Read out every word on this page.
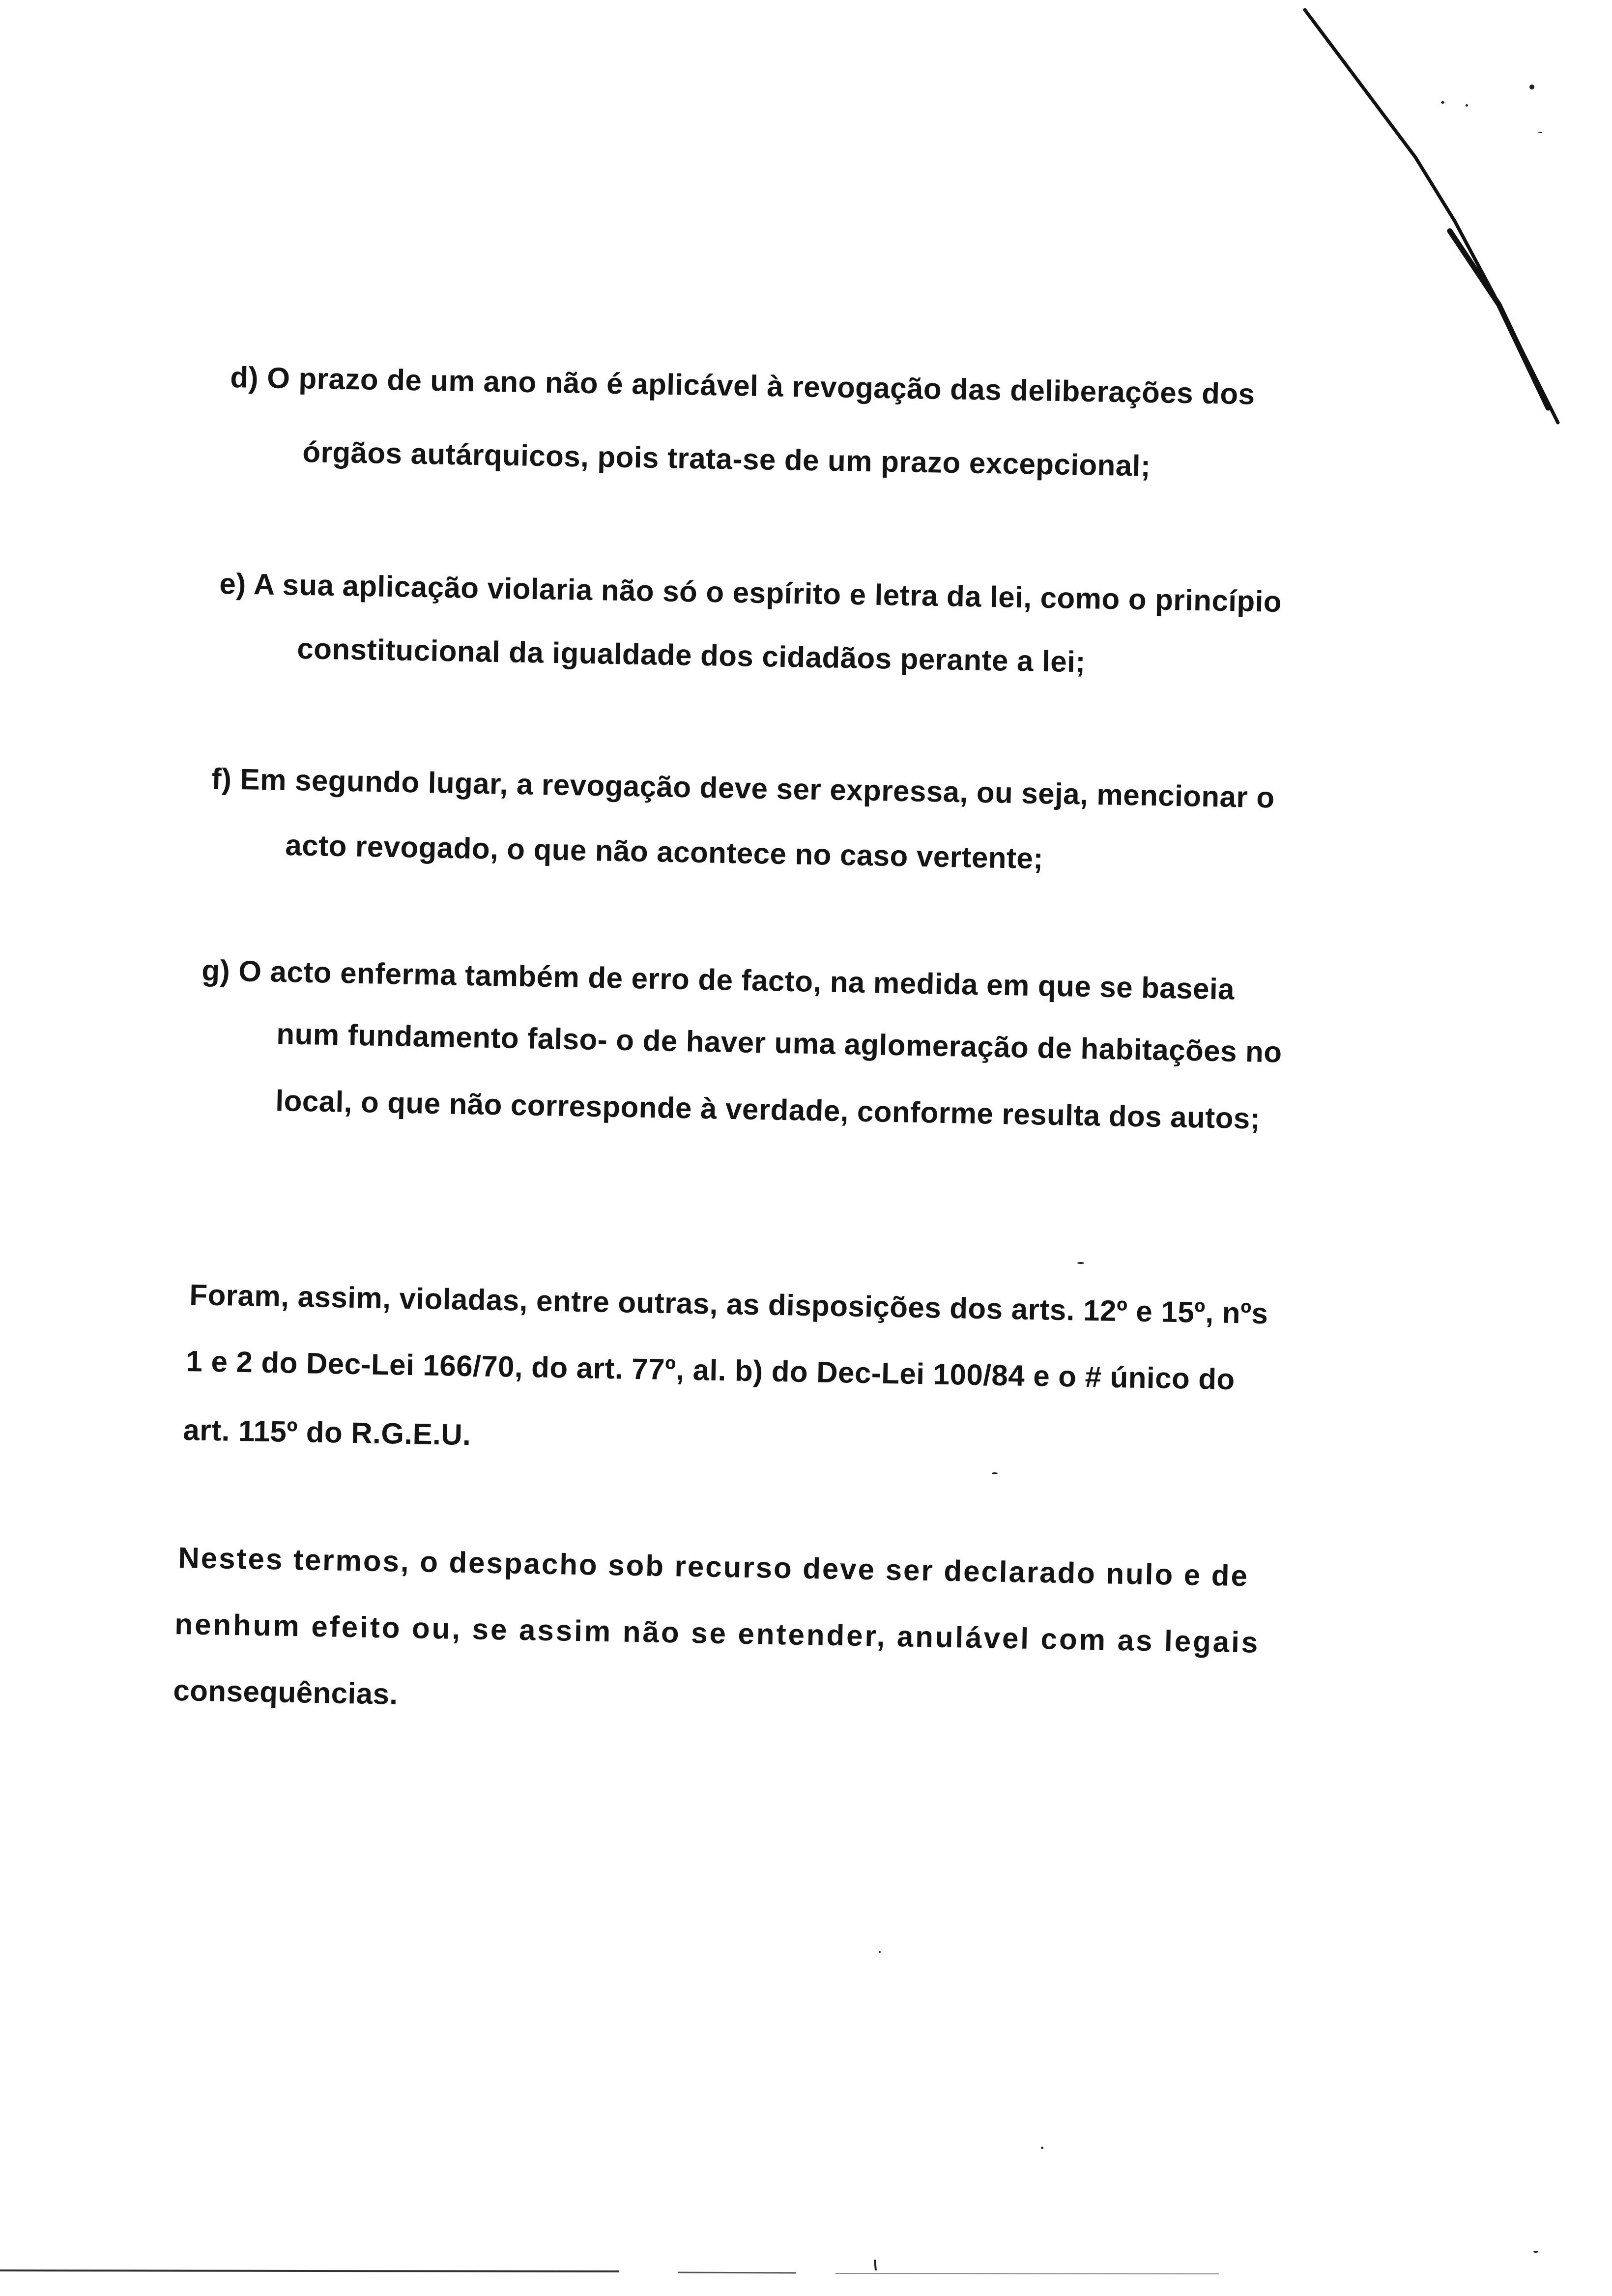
d) O prazo de um ano não é aplicável à revogação das deliberações dos
órgãos autárquicos, pois trata-se de um prazo excepcional;
e) A sua aplicação violaria não só o espírito e letra da lei, como o princípio
constitucional da igualdade dos cidadãos perante a lei;
f) Em segundo lugar, a revogação deve ser expressa, ou seja, mencionar o
acto revogado, o que não acontece no caso vertente;
g) O acto enferma também de erro de facto, na medida em que se baseia
num fundamento falso- o de haver uma aglomeração de habitações no
local, o que não corresponde à verdade, conforme resulta dos autos;
Foram, assim, violadas, entre outras, as disposições dos arts. 12º e 15º, nºs
1 e 2 do Dec-Lei 166/70, do art. 77º, al. b) do Dec-Lei 100/84 e o # único do
art. 115º do R.G.E.U.
Nestes termos, o despacho sob recurso deve ser declarado nulo e de
nenhum efeito ou, se assim não se entender, anulável com as legais
consequências.
